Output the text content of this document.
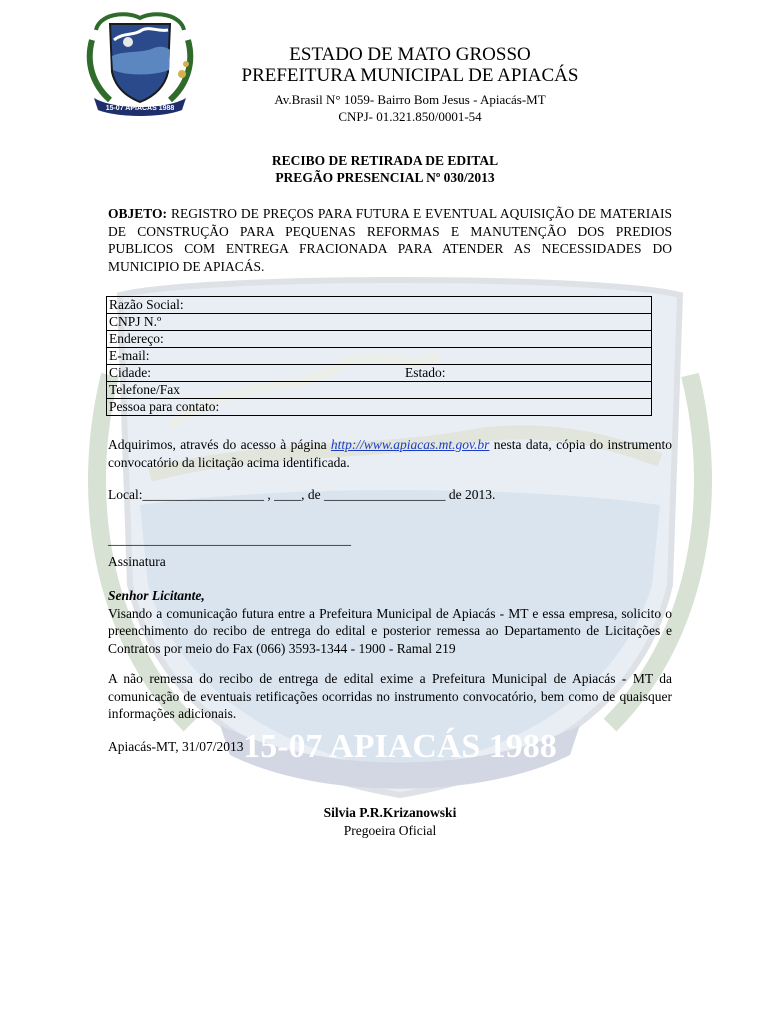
15-07 APIACÁS 1988
15-07 APIACÁS 1988
ESTADO DE MATO GROSSO
PREFEITURA MUNICIPAL DE APIACÁS
Av.Brasil N° 1059- Bairro Bom Jesus - Apiacás-MT
CNPJ- 01.321.850/0001-54
RECIBO DE RETIRADA DE EDITAL
PREGÃO PRESENCIAL Nº 030/2013
OBJETO: REGISTRO DE PREÇOS PARA FUTURA E EVENTUAL AQUISIÇÃO DE MATERIAIS DE CONSTRUÇÃO PARA PEQUENAS REFORMAS E MANUTENÇÃO DOS PREDIOS PUBLICOS COM ENTREGA FRACIONADA PARA ATENDER AS NECESSIDADES DO MUNICIPIO DE APIACÁS.
Razão Social:
CNPJ N.º
Endereço:
E-mail:
Cidade:	Estado:

Telefone/Fax
Pessoa para contato:
Adquirimos, através do acesso à página http://www.apiacas.mt.gov.br nesta data, cópia do instrumento convocatório da licitação acima identificada.
Local:__________________ , ____, de __________________ de 2013.
____________________________________
Assinatura
Senhor Licitante,
Visando a comunicação futura entre a Prefeitura Municipal de Apiacás - MT e essa empresa, solicito o preenchimento do recibo de entrega do edital e posterior remessa ao Departamento de Licitações e Contratos por meio do Fax (066) 3593-1344 - 1900 - Ramal 219
A não remessa do recibo de entrega de edital exime a Prefeitura Municipal de Apiacás - MT da comunicação de eventuais retificações ocorridas no instrumento convocatório, bem como de quaisquer informações adicionais.
Apiacás-MT, 31/07/2013
Silvia P.R.Krizanowski
Pregoeira Oficial
